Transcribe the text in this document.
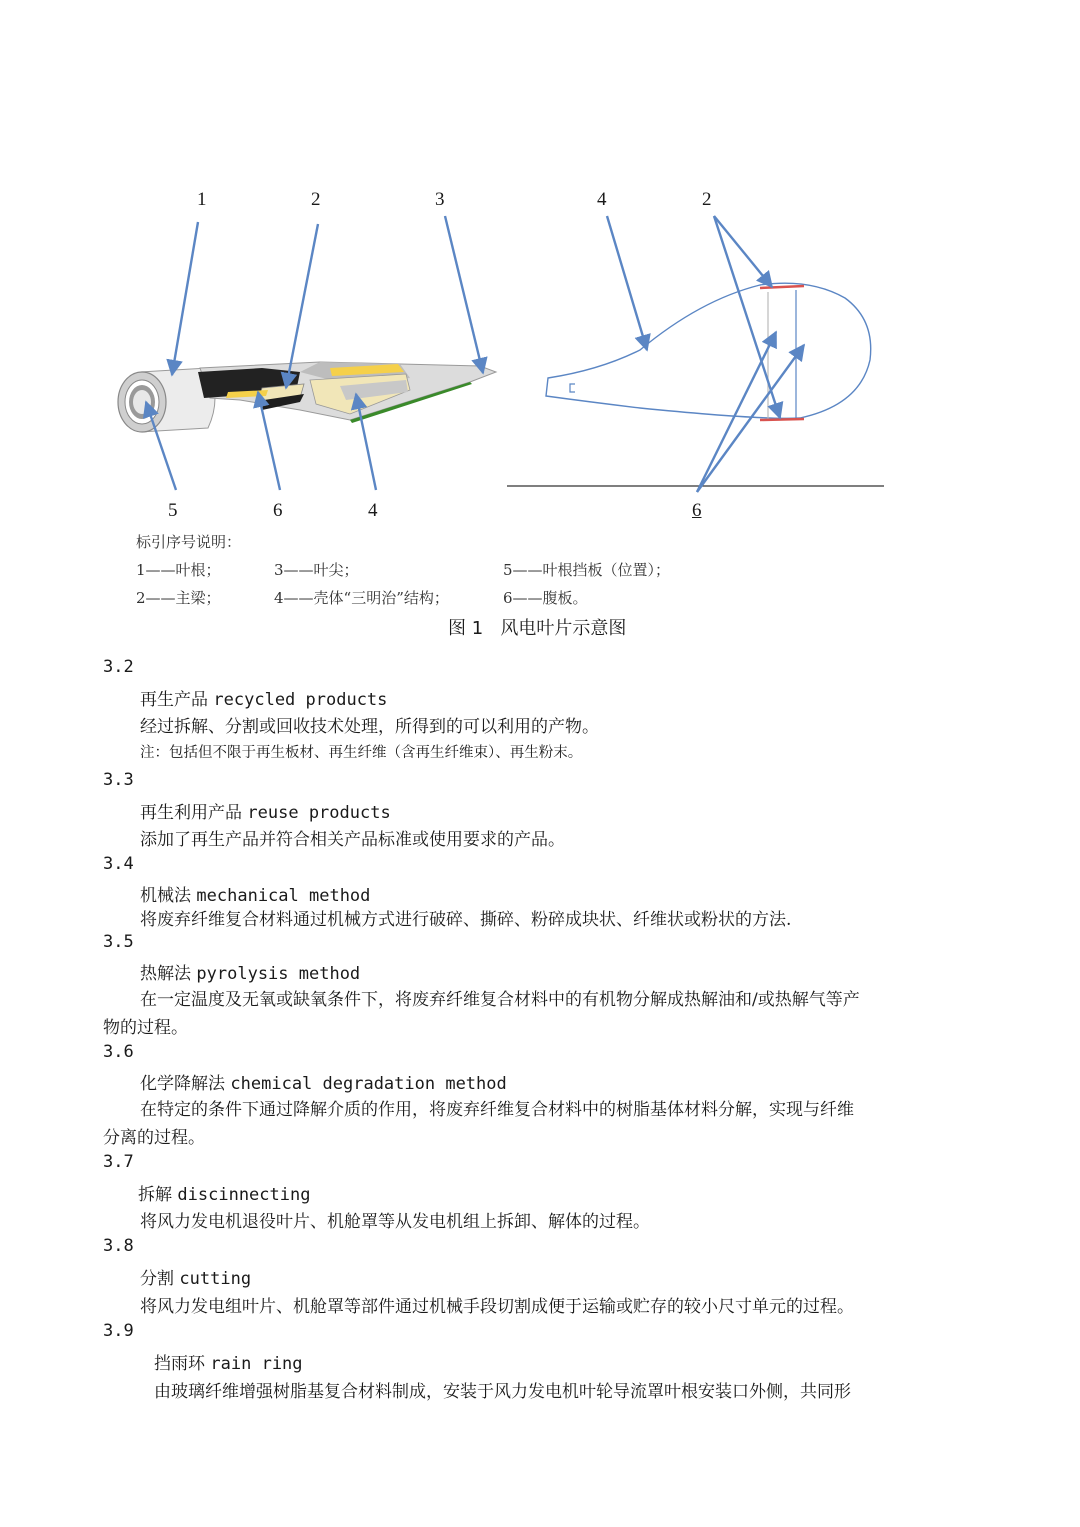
1	2	3
5	6	4
4	2
6
标引序号说明：
1——叶根；	3——叶尖；	5——叶根挡板（位置）；
2——主梁；	4——壳体“三明治”结构；	6——腹板。
图 1   风电叶片示意图
3.2
再生产品 recycled products
经过拆解、分割或回收技术处理，所得到的可以利用的产物。
注：包括但不限于再生板材、再生纤维（含再生纤维束）、再生粉末。
3.3
再生利用产品 reuse products
添加了再生产品并符合相关产品标准或使用要求的产品。
3.4
机械法 mechanical method
将废弃纤维复合材料通过机械方式进行破碎、撕碎、粉碎成块状、纤维状或粉状的方法.
3.5
热解法 pyrolysis method
在一定温度及无氧或缺氧条件下，将废弃纤维复合材料中的有机物分解成热解油和/或热解气等产
物的过程。
3.6
化学降解法 chemical degradation method
在特定的条件下通过降解介质的作用，将废弃纤维复合材料中的树脂基体材料分解，实现与纤维
分离的过程。
3.7
拆解 discinnecting
将风力发电机退役叶片、机舱罩等从发电机组上拆卸、解体的过程。
3.8
分割 cutting
将风力发电组叶片、机舱罩等部件通过机械手段切割成便于运输或贮存的较小尺寸单元的过程。
3.9
挡雨环 rain ring
由玻璃纤维增强树脂基复合材料制成，安装于风力发电机叶轮导流罩叶根安装口外侧，共同形
